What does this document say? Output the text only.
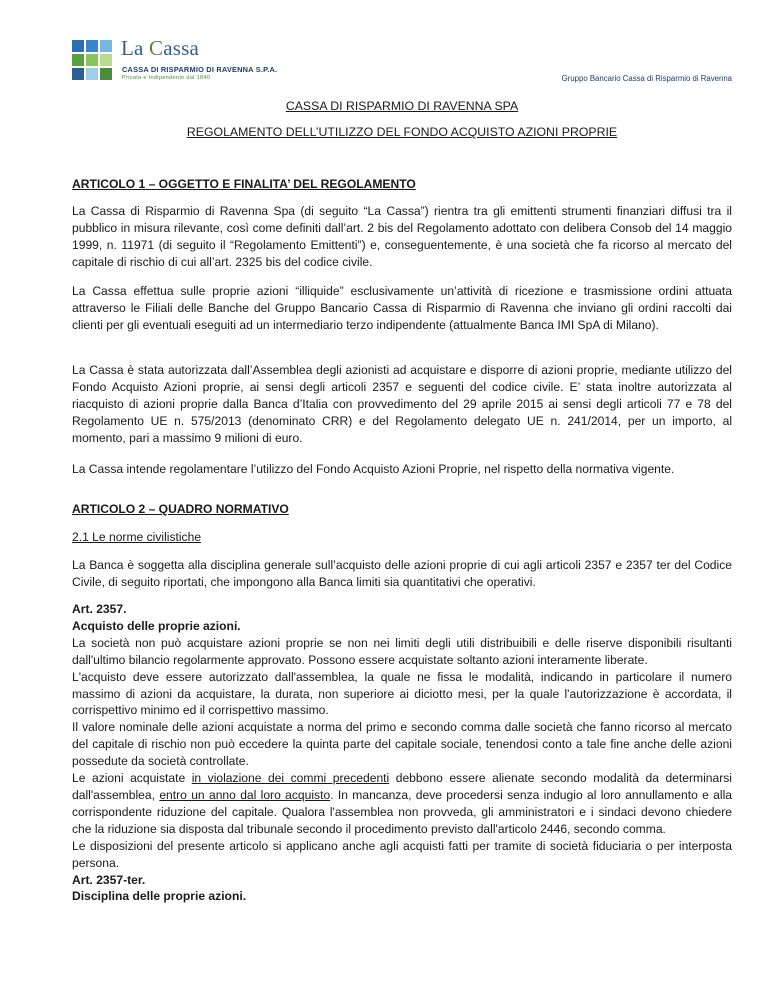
La Cassa
CASSA DI RISPARMIO DI RAVENNA S.P.A.
Privata e Indipendente dal 1840	Gruppo Bancario Cassa di Risparmio di Ravenna

CASSA DI RISPARMIO DI RAVENNA SPA

REGOLAMENTO DELL’UTILIZZO DEL FONDO ACQUISTO AZIONI PROPRIE

ARTICOLO 1 – OGGETTO E FINALITA’ DEL REGOLAMENTO

La Cassa di Risparmio di Ravenna Spa (di seguito “La Cassa”) rientra tra gli emittenti strumenti finanziari diffusi tra il pubblico in misura rilevante, così come definiti dall’art. 2 bis del Regolamento adottato con delibera Consob del 14 maggio 1999, n. 11971 (di seguito il “Regolamento Emittenti”) e, conseguentemente, è una società che fa ricorso al mercato del capitale di rischio di cui all’art. 2325 bis del codice civile.

La Cassa effettua sulle proprie azioni “illiquide” esclusivamente un’attività di ricezione e trasmissione ordini attuata attraverso le Filiali delle Banche del Gruppo Bancario Cassa di Risparmio di Ravenna che inviano gli ordini raccolti dai clienti per gli eventuali eseguiti ad un intermediario terzo indipendente (attualmente Banca IMI SpA di Milano).

La Cassa è stata autorizzata dall’Assemblea degli azionisti ad acquistare e disporre di azioni proprie, mediante utilizzo del Fondo Acquisto Azioni proprie, ai sensi degli articoli 2357 e seguenti del codice civile. E’ stata inoltre autorizzata al riacquisto di azioni proprie dalla Banca d’Italia con provvedimento del 29 aprile 2015 ai sensi degli articoli 77 e 78 del Regolamento UE n. 575/2013 (denominato CRR) e del Regolamento delegato UE n. 241/2014, per un importo, al momento, pari a massimo 9 milioni di euro.

La Cassa intende regolamentare l’utilizzo del Fondo Acquisto Azioni Proprie, nel rispetto della normativa vigente.

ARTICOLO 2 – QUADRO NORMATIVO

2.1 Le norme civilistiche

La Banca è soggetta alla disciplina generale sull’acquisto delle azioni proprie di cui agli articoli 2357 e 2357 ter del Codice Civile, di seguito riportati, che impongono alla Banca limiti sia quantitativi che operativi.

Art. 2357.

Acquisto delle proprie azioni.

La società non può acquistare azioni proprie se non nei limiti degli utili distribuibili e delle riserve disponibili risultanti dall'ultimo bilancio regolarmente approvato. Possono essere acquistate soltanto azioni interamente liberate.

L'acquisto deve essere autorizzato dall'assemblea, la quale ne fissa le modalità, indicando in particolare il numero massimo di azioni da acquistare, la durata, non superiore ai diciotto mesi, per la quale l'autorizzazione è accordata, il corrispettivo minimo ed il corrispettivo massimo.

Il valore nominale delle azioni acquistate a norma del primo e secondo comma dalle società che fanno ricorso al mercato del capitale di rischio non può eccedere la quinta parte del capitale sociale, tenendosi conto a tale fine anche delle azioni possedute da società controllate.

Le azioni acquistate in violazione dei commi precedenti debbono essere alienate secondo modalità da determinarsi dall'assemblea, entro un anno dal loro acquisto. In mancanza, deve procedersi senza indugio al loro annullamento e alla corrispondente riduzione del capitale. Qualora l'assemblea non provveda, gli amministratori e i sindaci devono chiedere che la riduzione sia disposta dal tribunale secondo il procedimento previsto dall'articolo 2446, secondo comma.

Le disposizioni del presente articolo si applicano anche agli acquisti fatti per tramite di società fiduciaria o per interposta persona.

Art. 2357-ter.

Disciplina delle proprie azioni.
